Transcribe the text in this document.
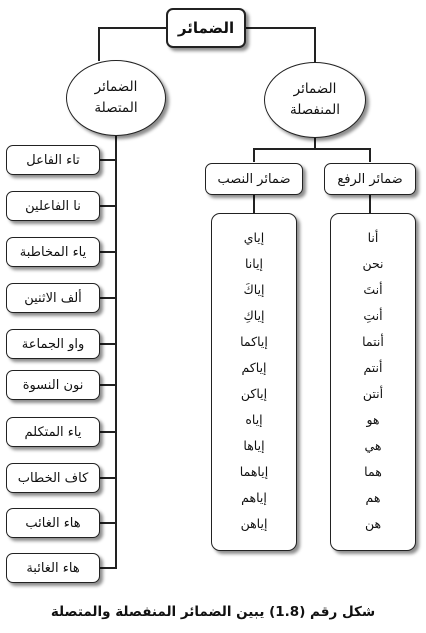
الضمائر
الضمائر
المتصلة
الضمائر
المنفصلة
تاء الفاعل
نا الفاعلين
ياء المخاطبة
ألف الاثنين
واو الجماعة
نون النسوة
ياء المتكلم
كاف الخطاب
هاء الغائب
هاء الغائبة
ضمائر النصب	ضمائر الرفع
إياي
إيانا
إياكَ
إياكِ
إياكما
إياكم
إياكن
إياه
إياها
إياهما
إياهم
إياهن
أنا
نحن
أنتَ
أنتِ
أنتما
أنتم
أنتن
هو
هي
هما
هم
هن
شكل رقم (1.8) يبين الضمائر المنفصلة والمتصلة
